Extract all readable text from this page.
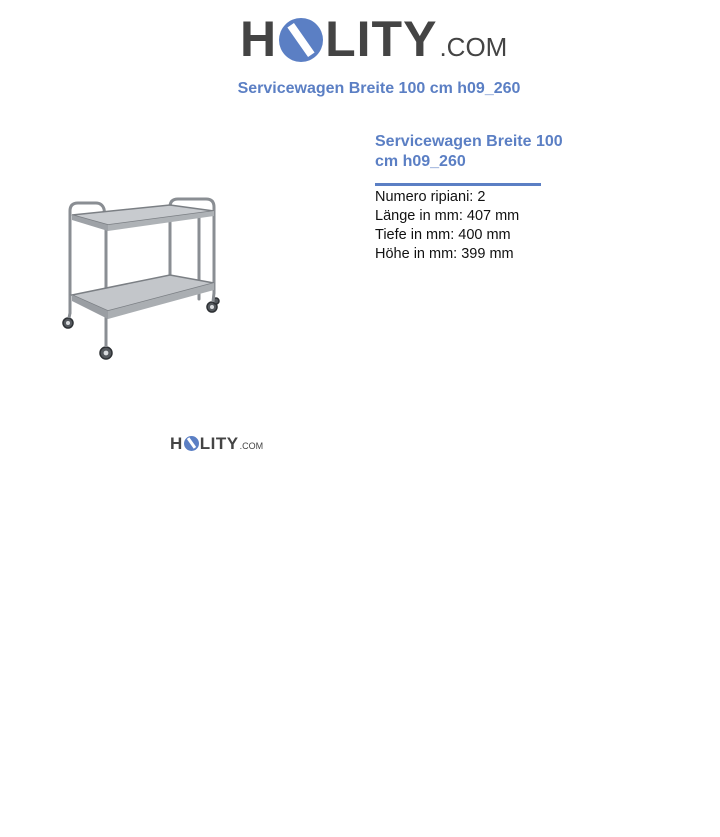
H LITY .COM
Servicewagen Breite 100 cm h09_260
Servicewagen Breite 100 cm h09_260
Numero ripiani: 2
Länge in mm: 407 mm
Tiefe in mm: 400 mm
Höhe in mm: 399 mm
H LITY .COM
